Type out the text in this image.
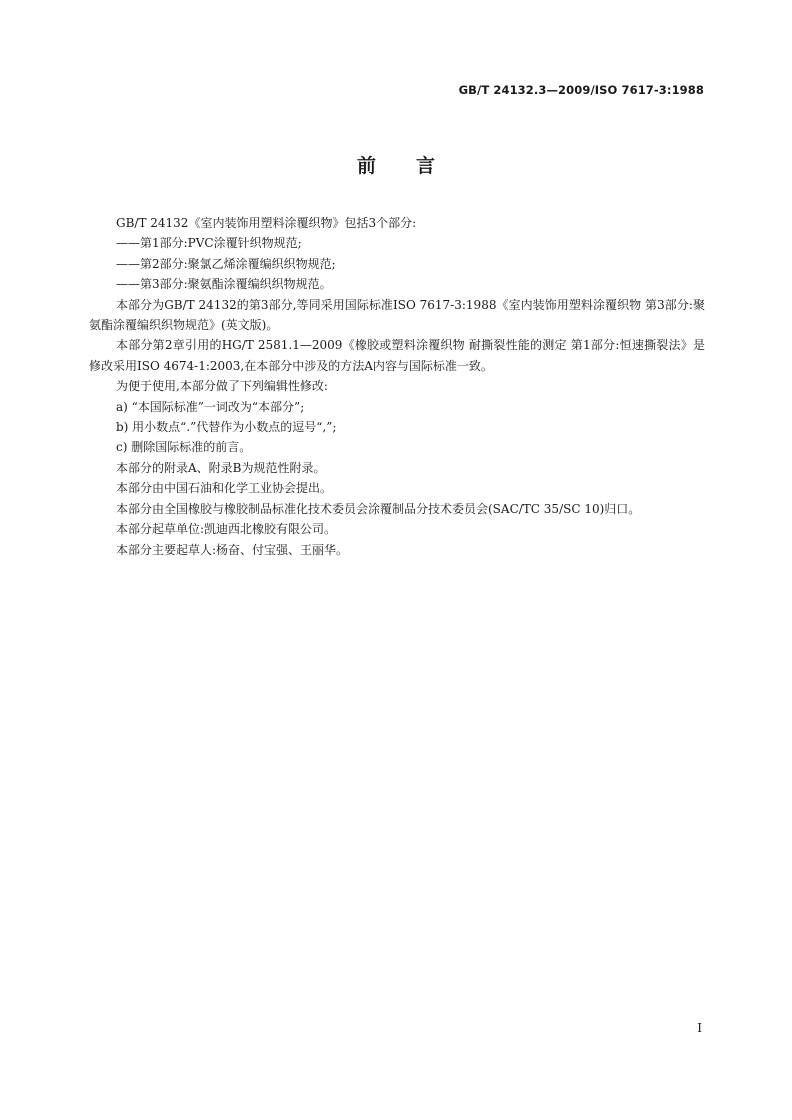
GB/T 24132.3—2009/ISO 7617-3:1988
前言

GB/T 24132《室内装饰用塑料涂覆织物》包括3个部分:

——第1部分:PVC涂覆针织物规范;

——第2部分:聚氯乙烯涂覆编织织物规范;

——第3部分:聚氨酯涂覆编织织物规范。

本部分为GB/T 24132的第3部分,等同采用国际标准ISO 7617-3:1988《室内装饰用塑料涂覆织物 第3部分:聚氨酯涂覆编织织物规范》(英文版)。

本部分第2章引用的HG/T 2581.1—2009《橡胶或塑料涂覆织物 耐撕裂性能的测定 第1部分:恒速撕裂法》是修改采用ISO 4674-1:2003,在本部分中涉及的方法A内容与国际标准一致。

为便于使用,本部分做了下列编辑性修改:

a) “本国际标准”一词改为“本部分”;

b) 用小数点“.”代替作为小数点的逗号“,”;

c) 删除国际标准的前言。

本部分的附录A、附录B为规范性附录。

本部分由中国石油和化学工业协会提出。

本部分由全国橡胶与橡胶制品标准化技术委员会涂覆制品分技术委员会(SAC/TC 35/SC 10)归口。

本部分起草单位:凯迪西北橡胶有限公司。

本部分主要起草人:杨奋、付宝强、王丽华。

I
